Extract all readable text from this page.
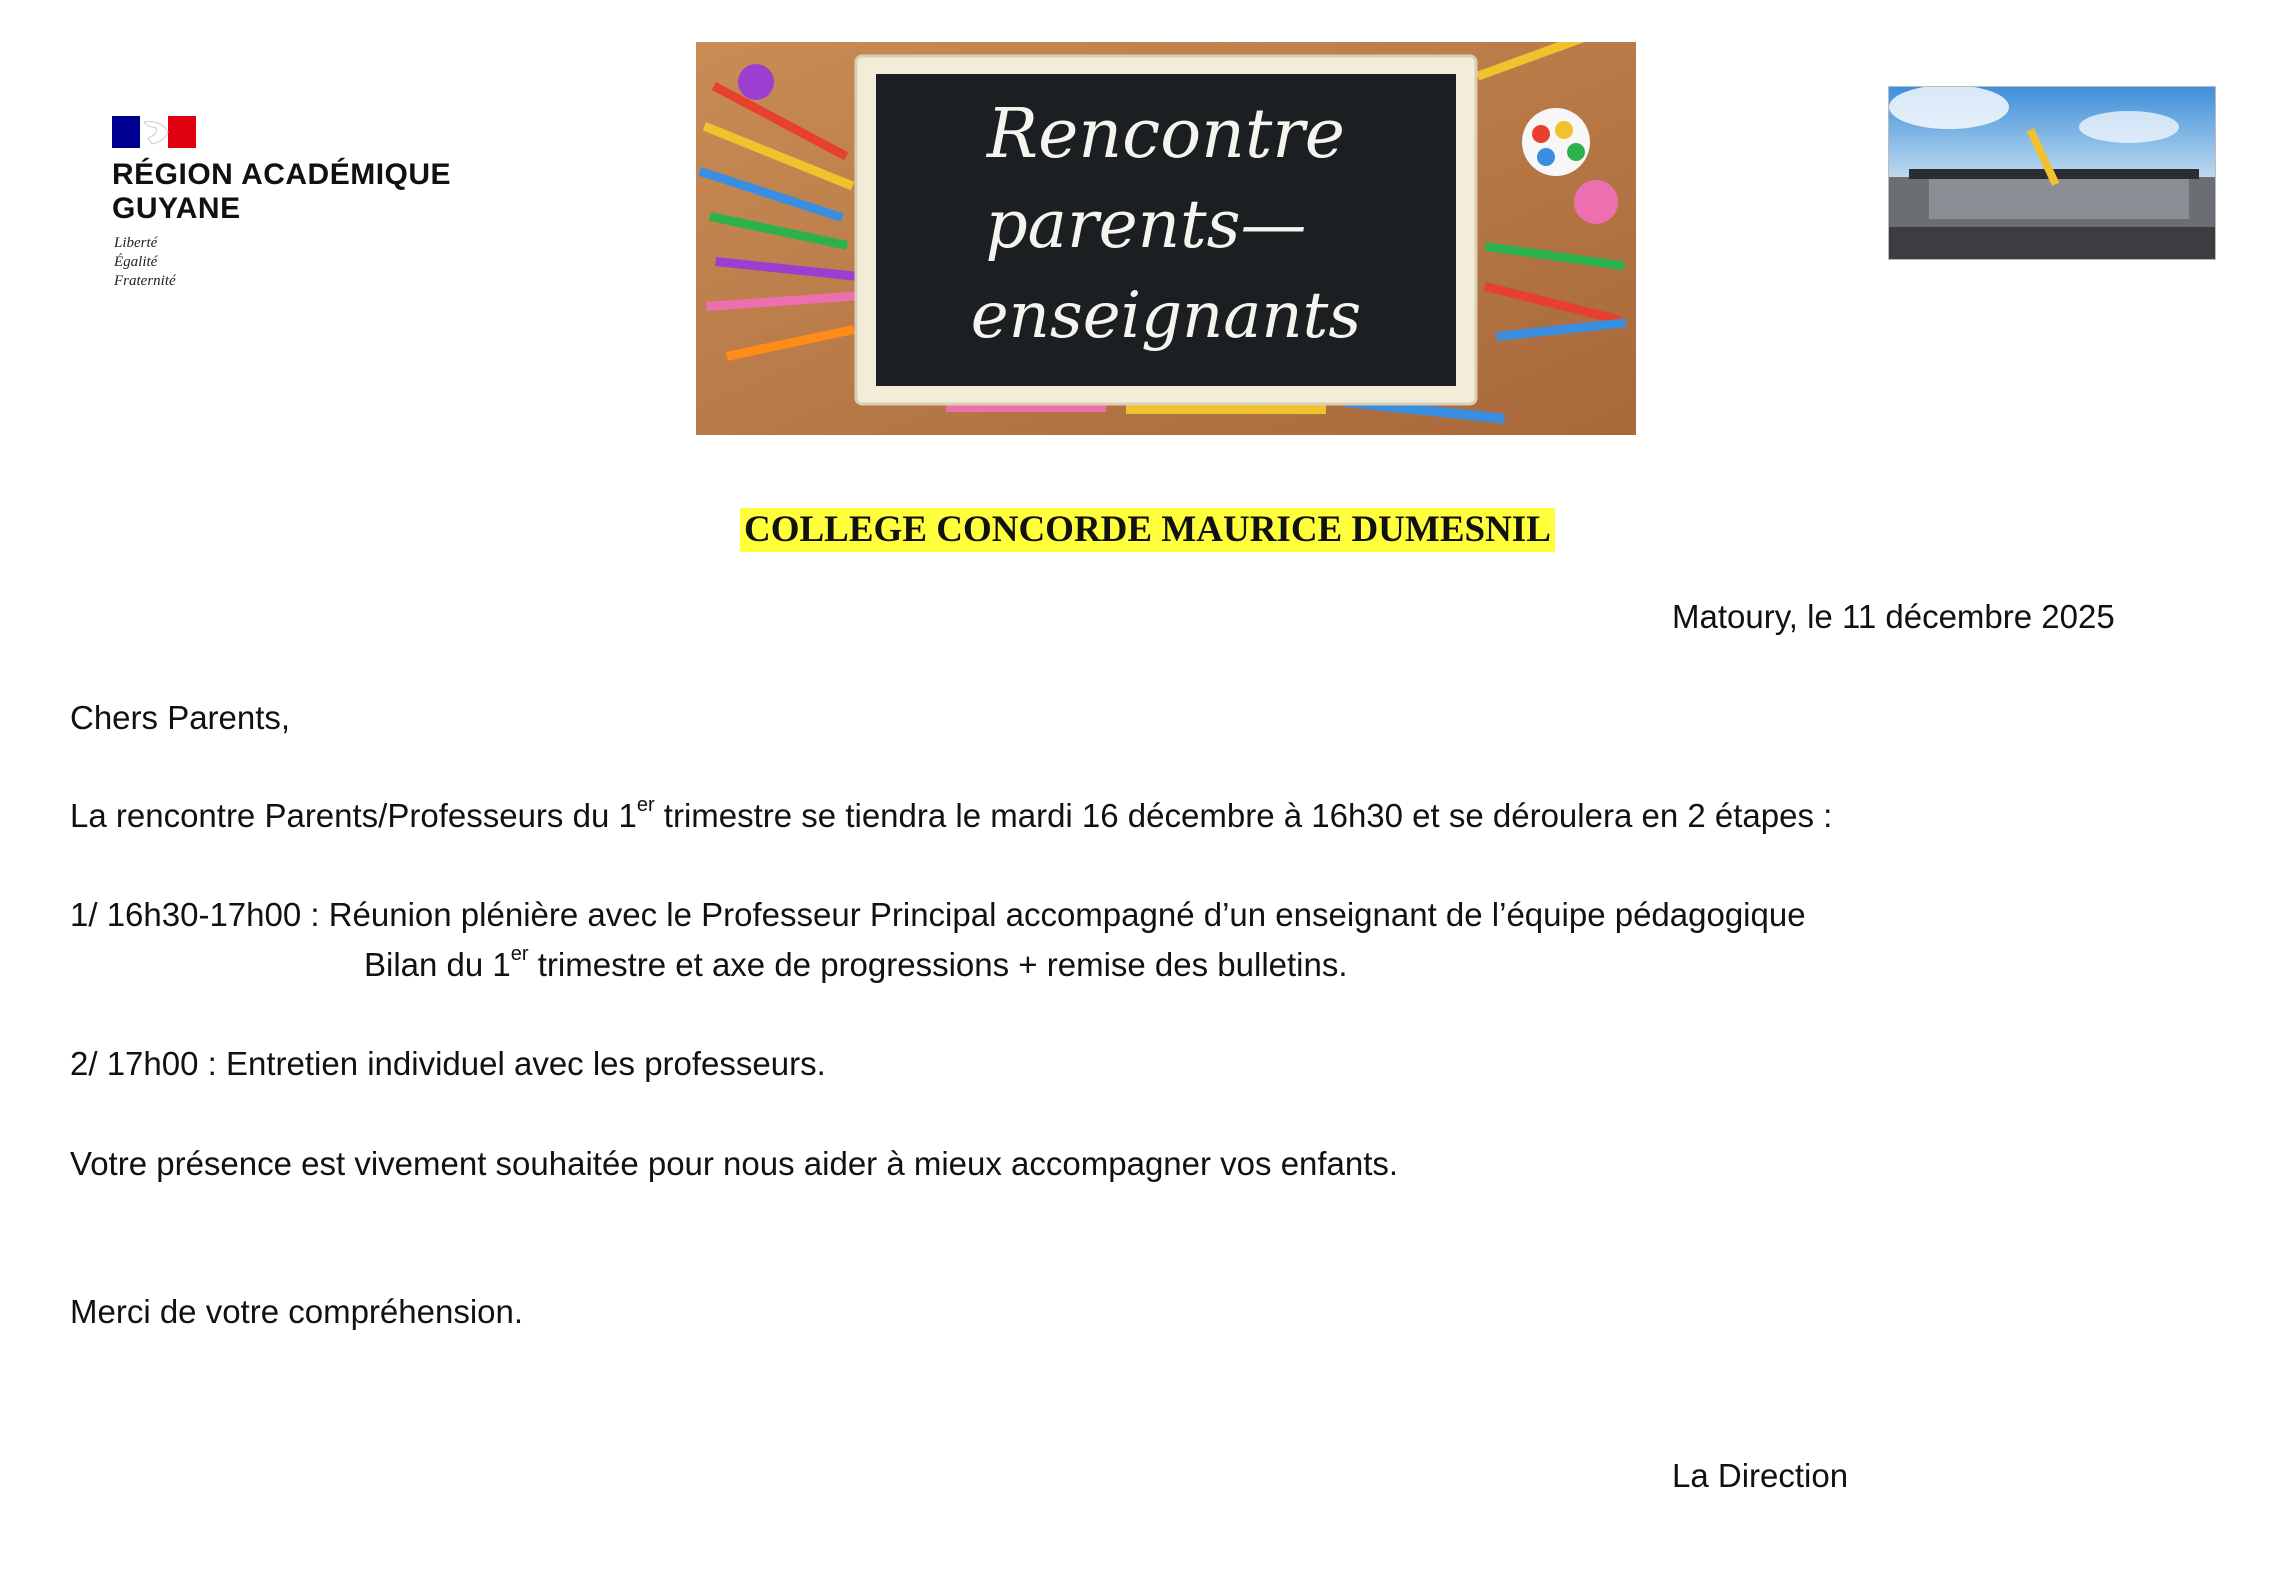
RÉGION ACADÉMIQUE
GUYANE
Liberté
Égalité
Fraternité
Rencontre
parents—
enseignants
COLLEGE CONCORDE MAURICE DUMESNIL
Matoury, le 11 décembre 2025
Chers Parents,
La rencontre Parents/Professeurs du 1er trimestre se tiendra le mardi 16 décembre à 16h30 et se déroulera en 2 étapes :
1/ 16h30-17h00 : Réunion plénière avec le Professeur Principal accompagné d’un enseignant de l’équipe pédagogique
Bilan du 1er trimestre et axe de progressions + remise des bulletins.
2/ 17h00 : Entretien individuel avec les professeurs.
Votre présence est vivement souhaitée pour nous aider à mieux accompagner vos enfants.
Merci de votre compréhension.
La Direction
